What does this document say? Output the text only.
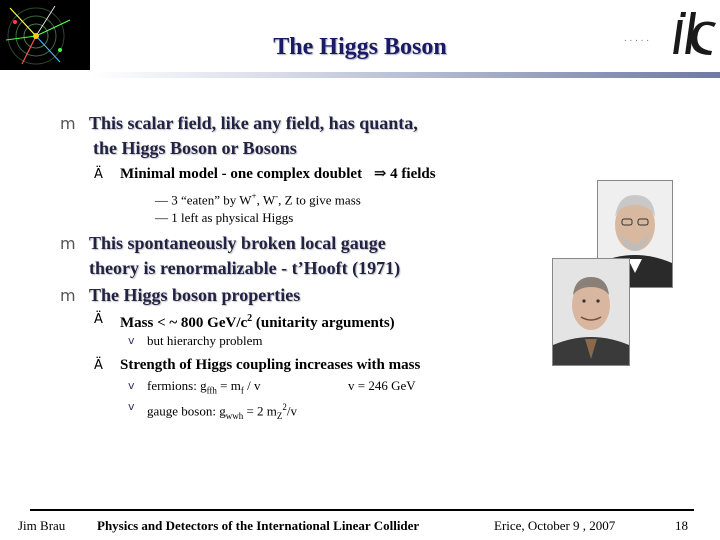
. . . . .
The Higgs Boson
m This scalar field, like any field, has quanta,
the Higgs Boson or Bosons
Ä Minimal model - one complex doublet ⇒ 4 fields
— 3 “eaten” by W+, W-, Z to give mass
— 1 left as physical Higgs
m This spontaneously broken local gauge
theory is renormalizable - t’Hooft (1971)
m The Higgs boson properties
Ä Mass < ~ 800 GeV/$c^2$ (unitarity arguments)
v but hierarchy problem
Ä Strength of Higgs coupling increases with mass
v fermions: $g_{ffh} = m_f / v$	v = 246 GeV
v gauge boson: $g_{wwh} = 2$ $m_Z^2/v$
Jim Brau Physics and Detectors of the International Linear Collider	Erice, October 9 , 2007	18
